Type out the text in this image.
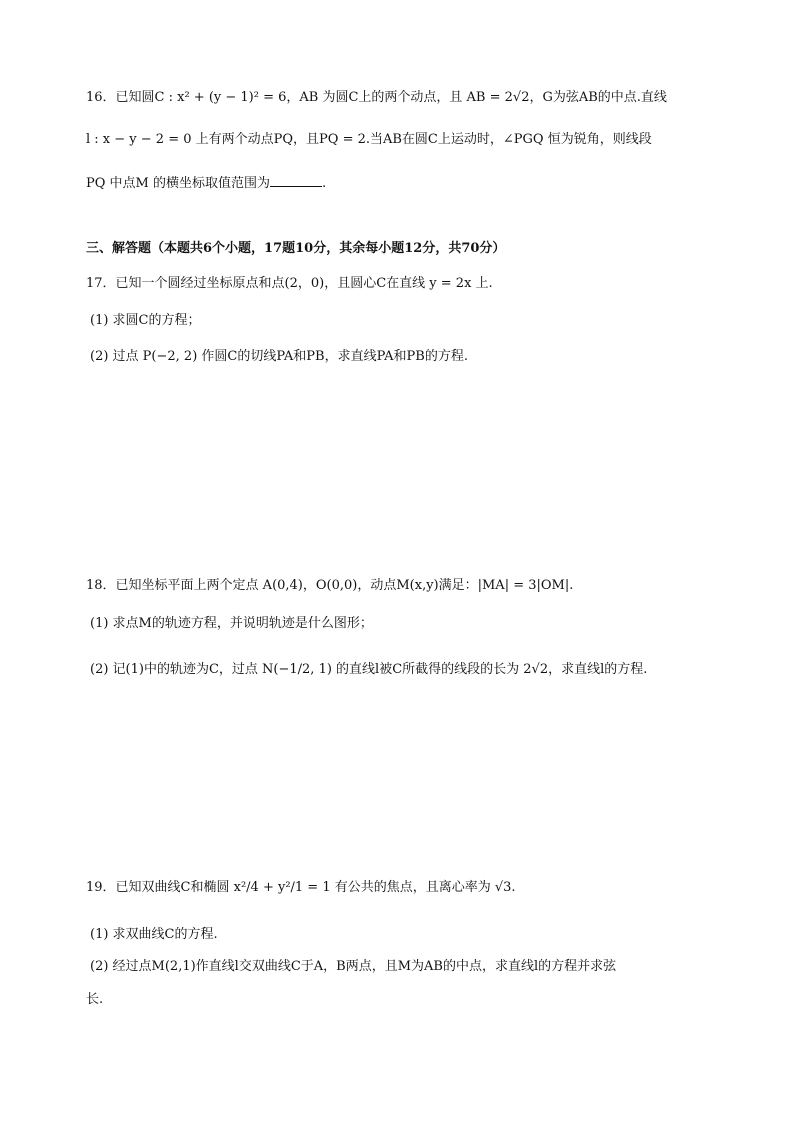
16．已知圆C : x² + (y − 1)² = 6，AB 为圆C上的两个动点，且 AB = 2√2，G为弦AB的中点.直线
l : x − y − 2 = 0 上有两个动点PQ，且PQ = 2.当AB在圆C上运动时，∠PGQ 恒为锐角，则线段
PQ 中点M 的横坐标取值范围为	.
三、解答题（本题共6个小题，17题10分，其余每小题12分，共70分）
17．已知一个圆经过坐标原点和点(2，0)，且圆心C在直线 y = 2x 上.
(1) 求圆C的方程；
(2) 过点 P(−2, 2) 作圆C的切线PA和PB，求直线PA和PB的方程.
18．已知坐标平面上两个定点 A(0,4)，O(0,0)，动点M(x,y)满足：|MA| = 3|OM|.
(1) 求点M的轨迹方程，并说明轨迹是什么图形；
(2) 记(1)中的轨迹为C，过点 N(−1/2, 1) 的直线l被C所截得的线段的长为 2√2，求直线l的方程.
19．已知双曲线C和椭圆 x²/4 + y²/1 = 1 有公共的焦点，且离心率为 √3.
(1) 求双曲线C的方程.
(2) 经过点M(2,1)作直线l交双曲线C于A，B两点，且M为AB的中点，求直线l的方程并求弦
长.
